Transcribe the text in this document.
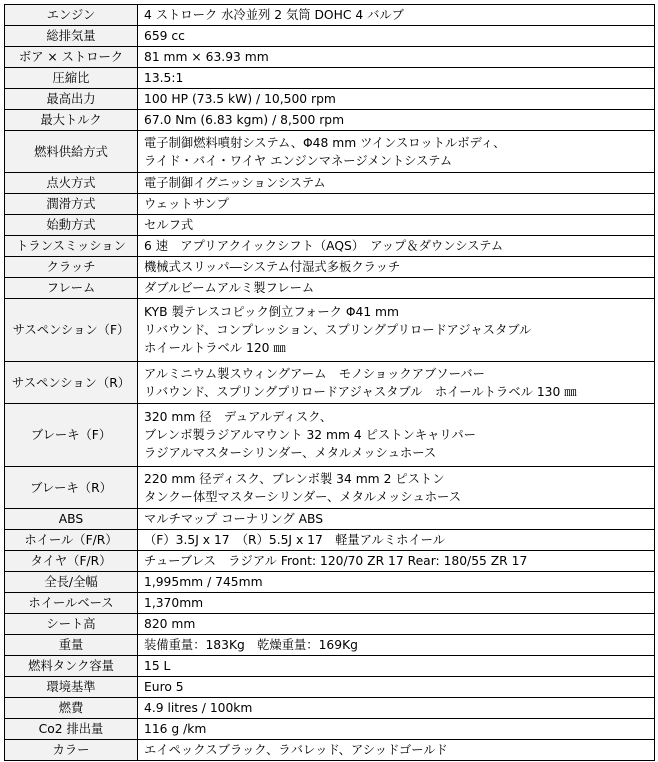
エンジン	4 ストローク 水冷並列 2 気筒 DOHC 4 バルブ

総排気量	659 cc

ボア × ストローク	81 mm × 63.93 mm

圧縮比	13.5:1

最高出力	100 HP (73.5 kW) / 10,500 rpm

最大トルク	67.0 Nm (6.83 kgm) / 8,500 rpm

燃料供給方式	電子制御燃料噴射システム、Φ48 mm ツインスロットルボディ、
ライド・バイ・ワイヤ エンジンマネージメントシステム

点火方式	電子制御イグニッションシステム

潤滑方式	ウェットサンプ

始動方式	セルフ式

トランスミッション	6 速　アプリアクイックシフト（AQS）　アップ＆ダウンシステム

クラッチ	機械式スリッパ―システム付湿式多板クラッチ

フレーム	ダブルビームアルミ製フレーム

サスペンション（F）	KYB 製テレスコピック倒立フォーク Φ41 mm
リバウンド、コンプレッション、スプリングプリロードアジャスタブル
ホイールトラベル 120 ㎜

サスペンション（R）	アルミニウム製スウィングアーム　モノショックアブソーバー
リバウンド、スプリングプリロードアジャスタブル　ホイールトラベル 130 ㎜

ブレーキ（F）	320 mm 径　デュアルディスク、
ブレンボ製ラジアルマウント 32 mm 4 ピストンキャリパー
ラジアルマスターシリンダー、メタルメッシュホース

ブレーキ（R）	220 mm 径ディスク、ブレンボ製 34 mm 2 ピストン
タンクー体型マスターシリンダー、メタルメッシュホース

ABS	マルチマップ コーナリング ABS

ホイール（F/R）	（F）3.5J x 17　（R）5.5J x 17　軽量アルミホイール

タイヤ（F/R）	チューブレス　ラジアル Front: 120/70 ZR 17 Rear: 180/55 ZR 17

全長/全幅	1,995mm / 745mm

ホイールベース	1,370mm

シート高	820 mm

重量	装備重量：183Kg　乾燥重量：169Kg

燃料タンク容量	15 L

環境基準	Euro 5

燃費	4.9 litres / 100km

Co2 排出量	116 g /km

カラー	エイペックスブラック、ラバレッド、アシッドゴールド
